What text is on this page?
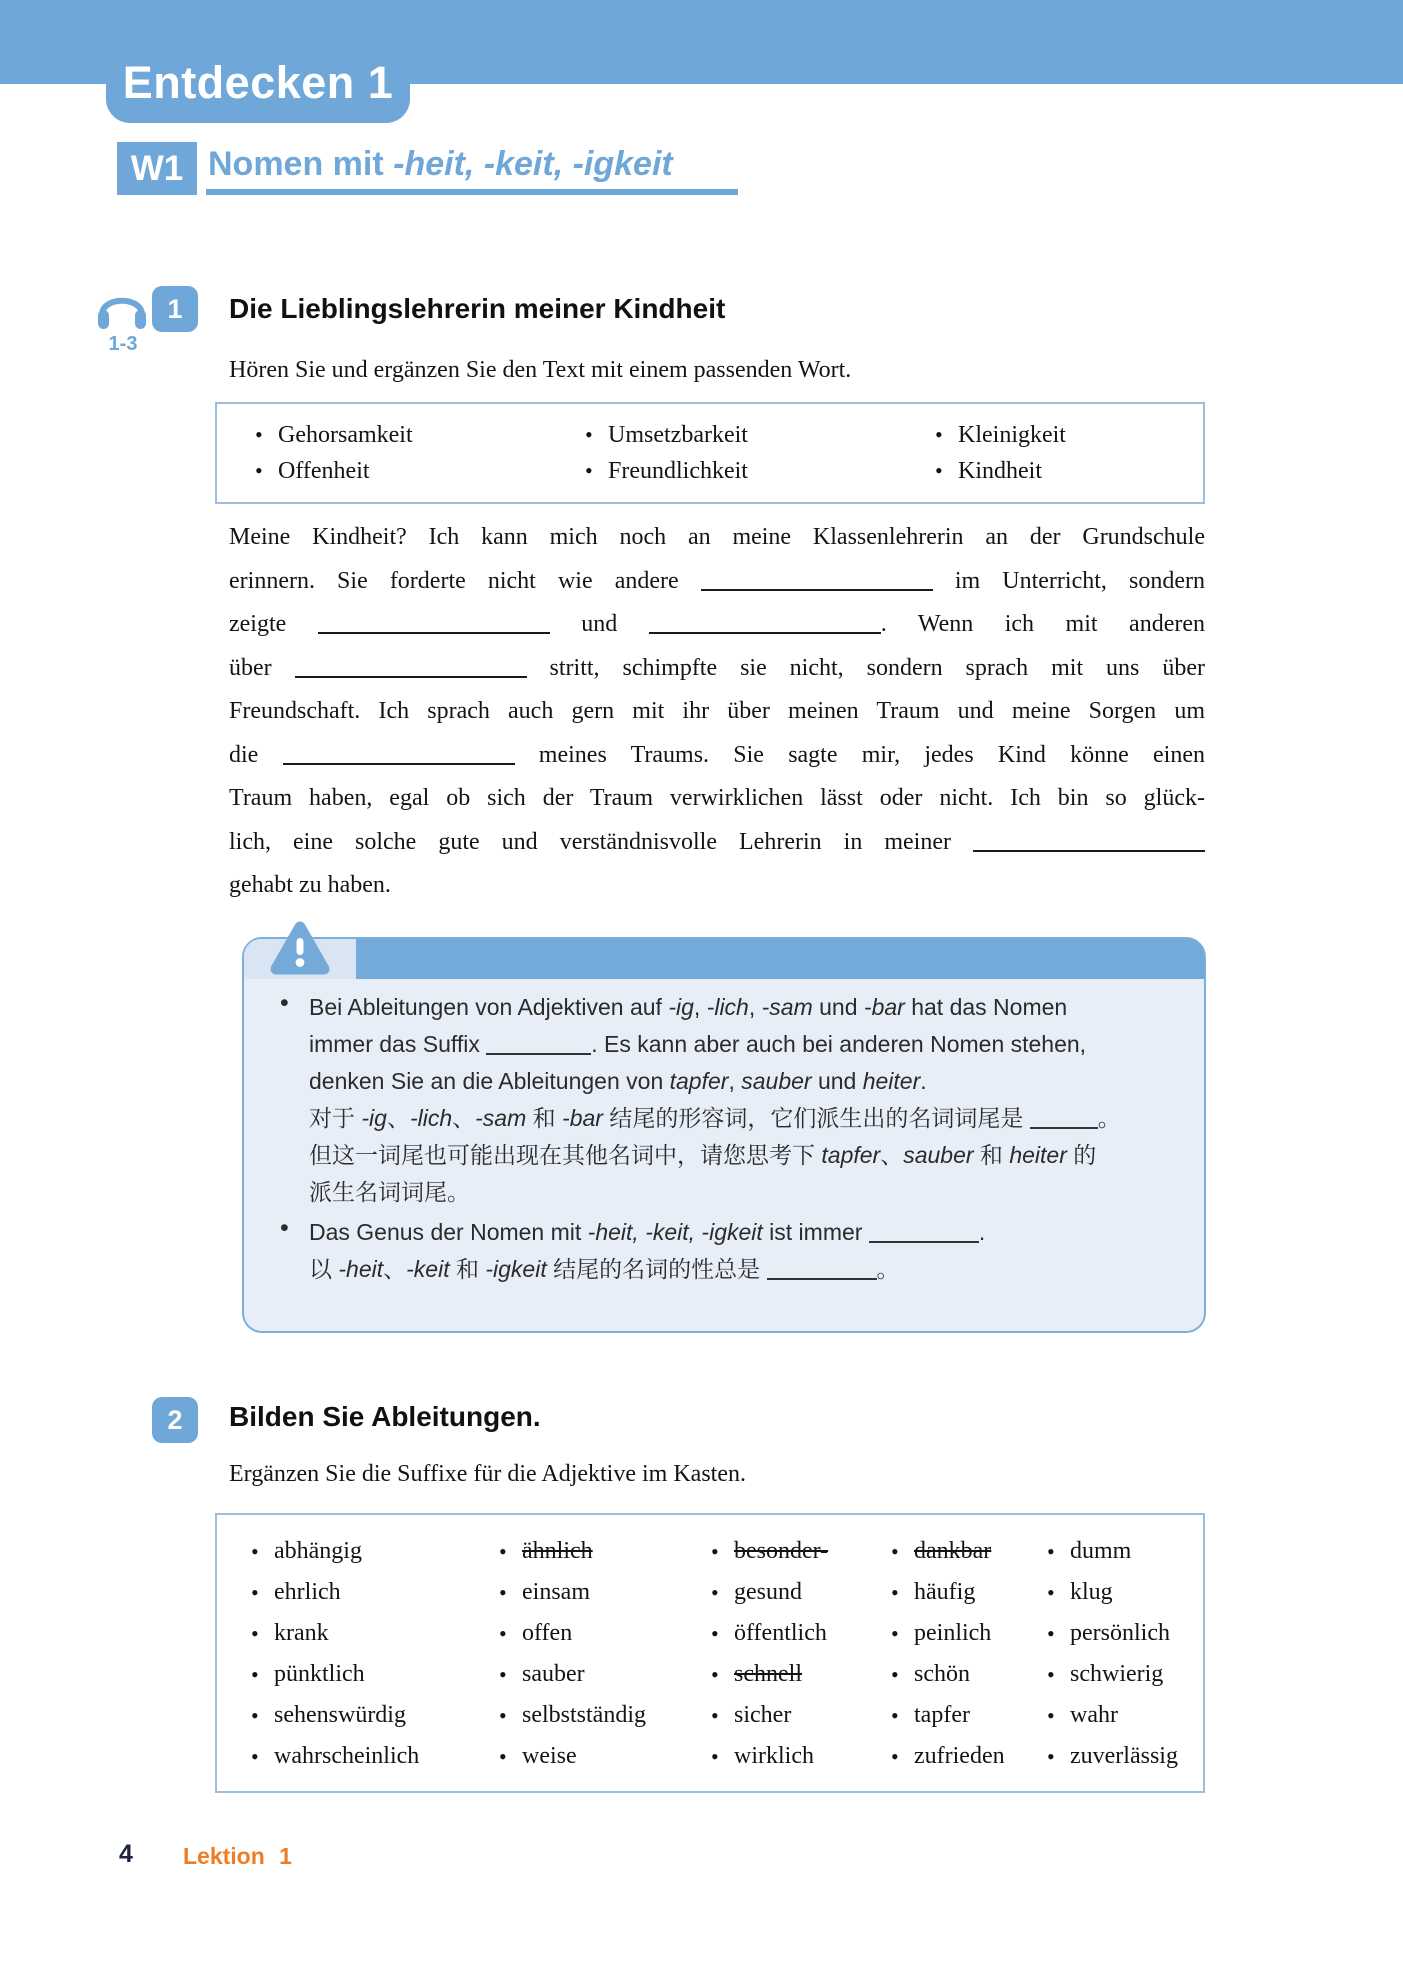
Entdecken 1
W1 Nomen mit -heit, -keit, -igkeit
1-3
1	Die Lieblingslehrerin meiner Kindheit
Hören Sie und ergänzen Sie den Text mit einem passenden Wort.
• Gehorsamkeit	• Umsetzbarkeit	• Kleinigkeit
• Offenheit	• Freundlichkeit	• Kindheit
Meine Kindheit? Ich kann mich noch an meine Klassenlehrerin an der Grundschule
erinnern. Sie forderte nicht wie andere	im Unterricht, sondern
zeigte	und	. Wenn ich mit anderen
über	stritt, schimpfte sie nicht, sondern sprach mit uns über
Freundschaft. Ich sprach auch gern mit ihr über meinen Traum und meine Sorgen um
die	meines Traums. Sie sagte mir, jedes Kind könne einen
Traum haben, egal ob sich der Traum verwirklichen lässt oder nicht. Ich bin so glück-
lich, eine solche gute und verständnisvolle Lehrerin in meiner
gehabt zu haben.
• Bei Ableitungen von Adjektiven auf -ig, -lich, -sam und -bar hat das Nomen
immer das Suffix	. Es kann aber auch bei anderen Nomen stehen,
denken Sie an die Ableitungen von tapfer, sauber und heiter.
对于 -ig、-lich、-sam 和 -bar 结尾的形容词，它们派生出的名词词尾是	。
但这一词尾也可能出现在其他名词中，请您思考下 tapfer、sauber 和 heiter 的
派生名词词尾。
• Das Genus der Nomen mit -heit, -keit, -igkeit ist immer	.
以 -heit、-keit 和 -igkeit 结尾的名词的性总是	。
2	Bilden Sie Ableitungen.
Ergänzen Sie die Suffixe für die Adjektive im Kasten.
• abhängig	• ähnlich	• besonder-	• dankbar	• dumm
• ehrlich	• einsam	• gesund	• häufig	• klug
• krank	• offen	• öffentlich	• peinlich	• persönlich
• pünktlich	• sauber	• schnell	• schön	• schwierig
• sehenswürdig	• selbstständig	• sicher	• tapfer	• wahr
• wahrscheinlich	• weise	• wirklich	• zufrieden	• zuverlässig
4 Lektion 1
